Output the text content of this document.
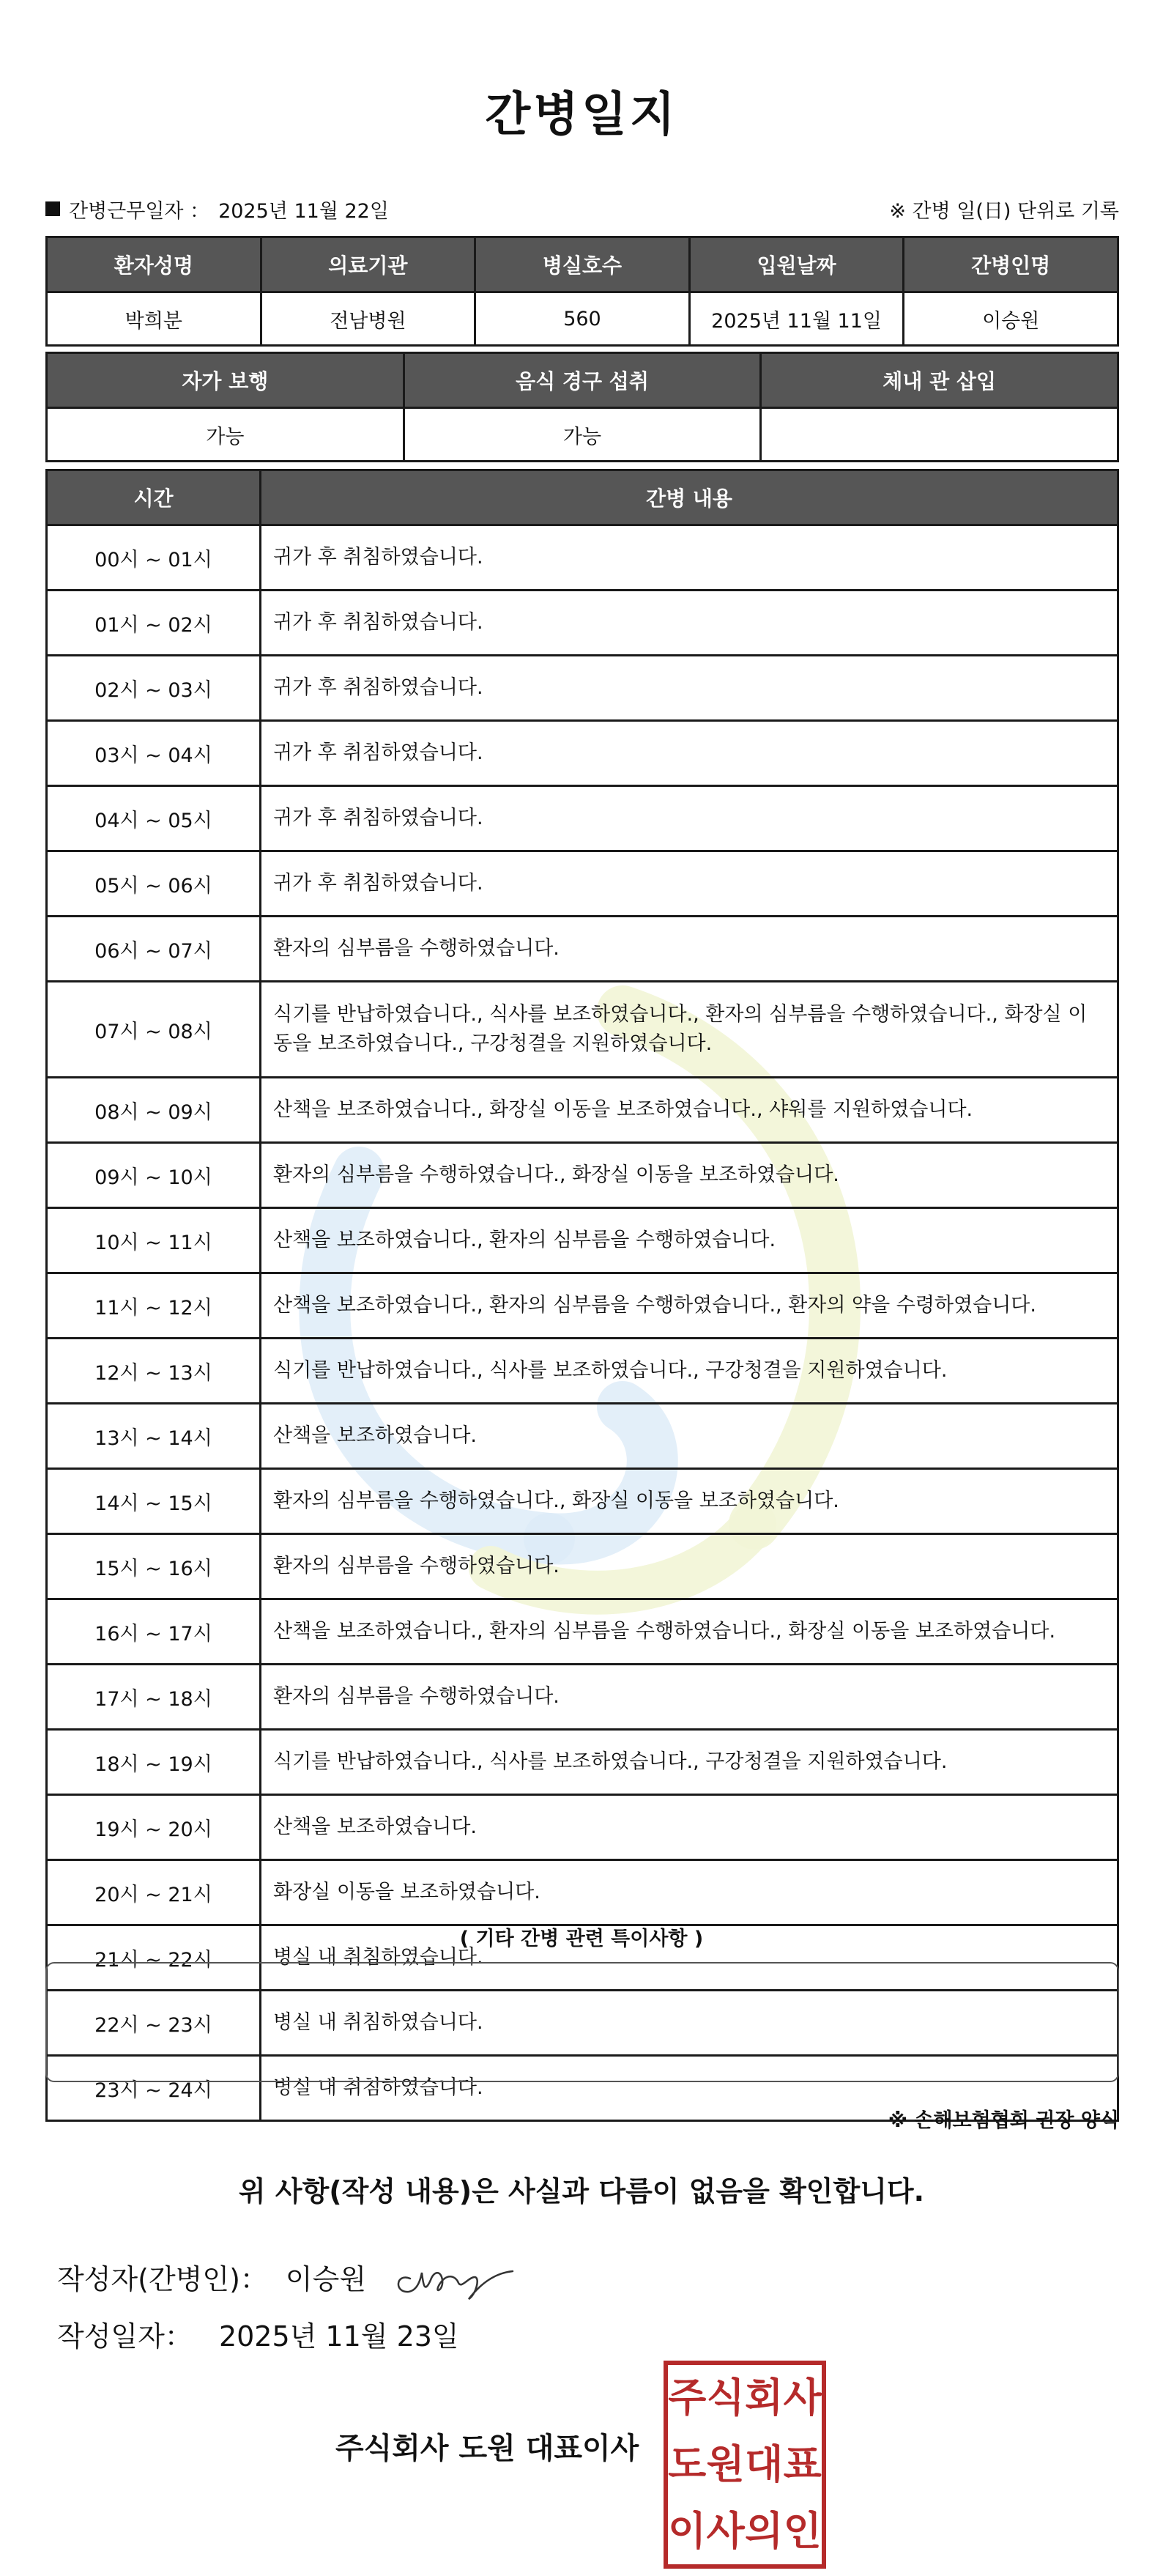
간병일지
간병근무일자 ： 2025년 11월 22일	※ 간병 일(日) 단위로 기록
환자성명	의료기관	병실호수	입원날짜	간병인명
박희분	전남병원	560	2025년 11월 11일	이승원
자가 보행	음식 경구 섭취	체내 관 삽입
가능	가능	
시간	간병 내용
00시 ~ 01시	귀가 후 취침하였습니다.
01시 ~ 02시	귀가 후 취침하였습니다.
02시 ~ 03시	귀가 후 취침하였습니다.
03시 ~ 04시	귀가 후 취침하였습니다.
04시 ~ 05시	귀가 후 취침하였습니다.
05시 ~ 06시	귀가 후 취침하였습니다.
06시 ~ 07시	환자의 심부름을 수행하였습니다.
07시 ~ 08시	식기를 반납하였습니다., 식사를 보조하였습니다., 환자의 심부름을 수행하였습니다., 화장실 이동을 보조하였습니다., 구강청결을 지원하였습니다.
08시 ~ 09시	산책을 보조하였습니다., 화장실 이동을 보조하였습니다., 샤워를 지원하였습니다.
09시 ~ 10시	환자의 심부름을 수행하였습니다., 화장실 이동을 보조하였습니다.
10시 ~ 11시	산책을 보조하였습니다., 환자의 심부름을 수행하였습니다.
11시 ~ 12시	산책을 보조하였습니다., 환자의 심부름을 수행하였습니다., 환자의 약을 수령하였습니다.
12시 ~ 13시	식기를 반납하였습니다., 식사를 보조하였습니다., 구강청결을 지원하였습니다.
13시 ~ 14시	산책을 보조하였습니다.
14시 ~ 15시	환자의 심부름을 수행하였습니다., 화장실 이동을 보조하였습니다.
15시 ~ 16시	환자의 심부름을 수행하였습니다.
16시 ~ 17시	산책을 보조하였습니다., 환자의 심부름을 수행하였습니다., 화장실 이동을 보조하였습니다.
17시 ~ 18시	환자의 심부름을 수행하였습니다.
18시 ~ 19시	식기를 반납하였습니다., 식사를 보조하였습니다., 구강청결을 지원하였습니다.
19시 ~ 20시	산책을 보조하였습니다.
20시 ~ 21시	화장실 이동을 보조하였습니다.
21시 ~ 22시	병실 내 취침하였습니다.
22시 ~ 23시	병실 내 취침하였습니다.
23시 ~ 24시	병실 내 취침하였습니다.
( 기타 간병 관련 특이사항 )
※ 손해보험협회 권장 양식
위 사항(작성 내용)은 사실과 다름이 없음을 확인합니다.
작성자(간병인)： 이승원
작성일자： 2025년 11월 23일
주식회사 도원 대표이사
주 식 회 사
도 원 대 표
이 사 의 인
